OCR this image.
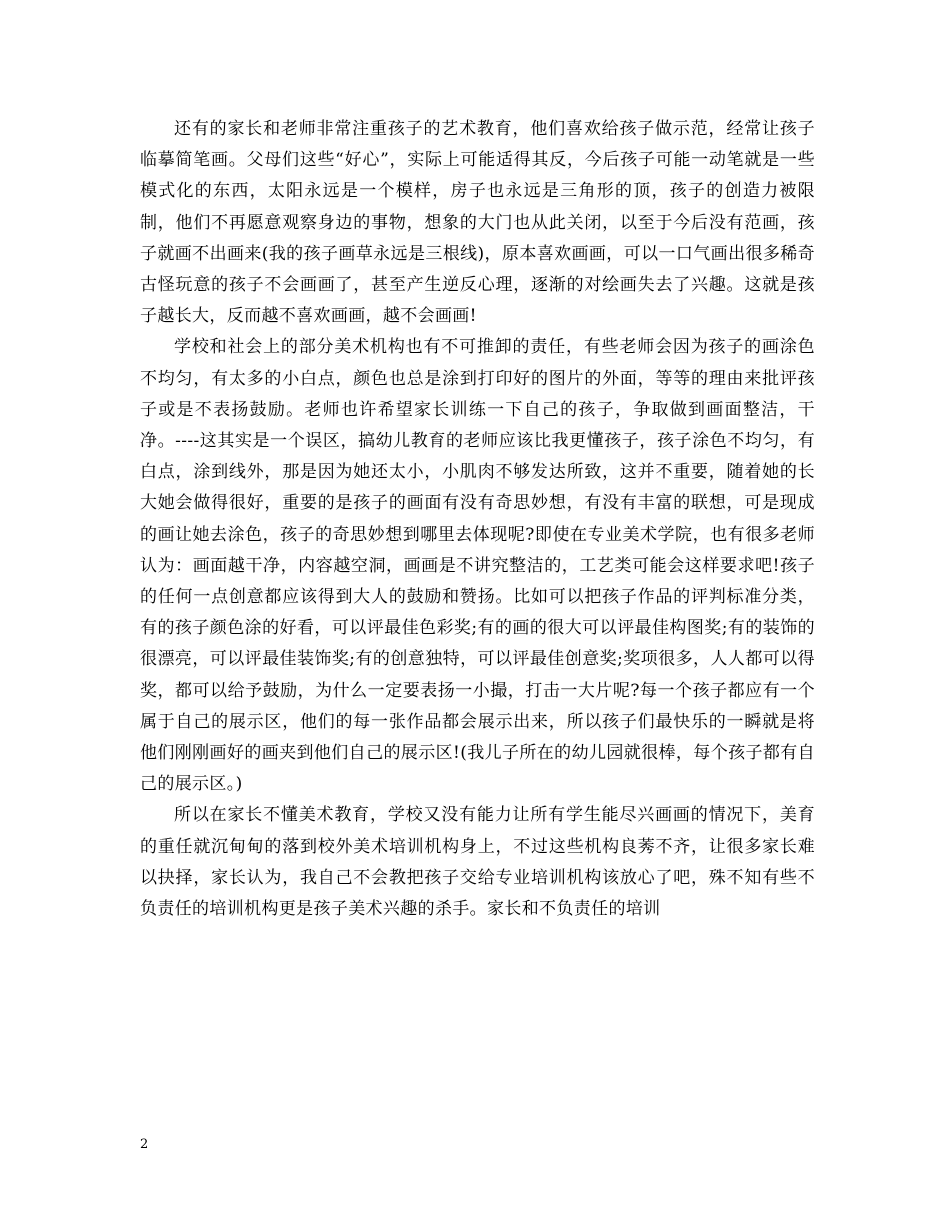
还有的家长和老师非常注重孩子的艺术教育，他们喜欢给孩子做示范，经常让孩子临摹简笔画。父母们这些“好心”，实际上可能适得其反，今后孩子可能一动笔就是一些模式化的东西，太阳永远是一个模样，房子也永远是三角形的顶，孩子的创造力被限制，他们不再愿意观察身边的事物，想象的大门也从此关闭，以至于今后没有范画，孩子就画不出画来(我的孩子画草永远是三根线)，原本喜欢画画，可以一口气画出很多稀奇古怪玩意的孩子不会画画了，甚至产生逆反心理，逐渐的对绘画失去了兴趣。这就是孩子越长大，反而越不喜欢画画，越不会画画!

学校和社会上的部分美术机构也有不可推卸的责任，有些老师会因为孩子的画涂色不均匀，有太多的小白点，颜色也总是涂到打印好的图片的外面，等等的理由来批评孩子或是不表扬鼓励。老师也许希望家长训练一下自己的孩子，争取做到画面整洁，干净。----这其实是一个误区，搞幼儿教育的老师应该比我更懂孩子，孩子涂色不均匀，有白点，涂到线外，那是因为她还太小，小肌肉不够发达所致，这并不重要，随着她的长大她会做得很好，重要的是孩子的画面有没有奇思妙想，有没有丰富的联想，可是现成的画让她去涂色，孩子的奇思妙想到哪里去体现呢?即使在专业美术学院，也有很多老师认为：画面越干净，内容越空洞，画画是不讲究整洁的，工艺类可能会这样要求吧!孩子的任何一点创意都应该得到大人的鼓励和赞扬。比如可以把孩子作品的评判标准分类，有的孩子颜色涂的好看，可以评最佳色彩奖;有的画的很大可以评最佳构图奖;有的装饰的很漂亮，可以评最佳装饰奖;有的创意独特，可以评最佳创意奖;奖项很多，人人都可以得奖，都可以给予鼓励，为什么一定要表扬一小撮，打击一大片呢?每一个孩子都应有一个属于自己的展示区，他们的每一张作品都会展示出来，所以孩子们最快乐的一瞬就是将他们刚刚画好的画夹到他们自己的展示区!(我儿子所在的幼儿园就很棒，每个孩子都有自己的展示区。)

所以在家长不懂美术教育，学校又没有能力让所有学生能尽兴画画的情况下，美育的重任就沉甸甸的落到校外美术培训机构身上，不过这些机构良莠不齐，让很多家长难以抉择，家长认为，我自己不会教把孩子交给专业培训机构该放心了吧，殊不知有些不负责任的培训机构更是孩子美术兴趣的杀手。家长和不负责任的培训

2
